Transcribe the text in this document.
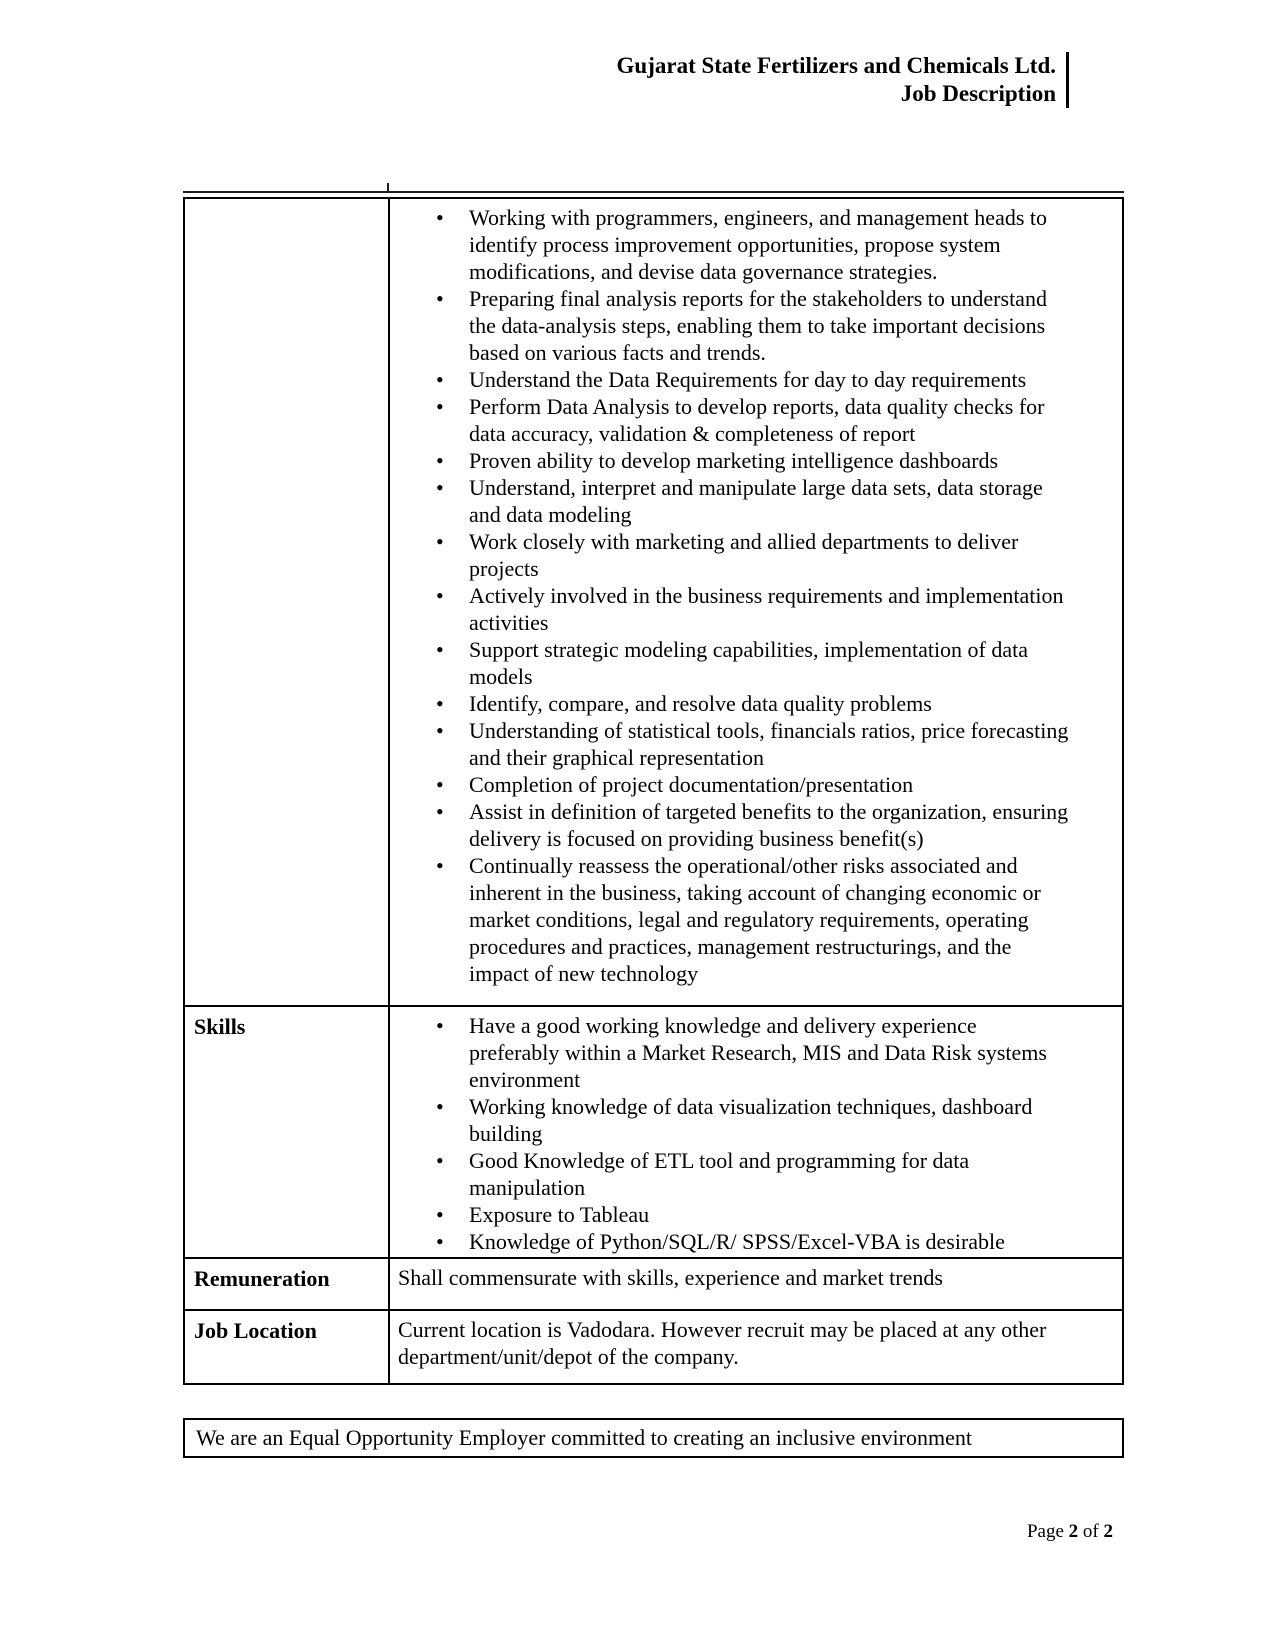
Gujarat State Fertilizers and Chemicals Ltd.
Job Description
• Working with programmers, engineers, and management heads to
identify process improvement opportunities, propose system
modifications, and devise data governance strategies.
• Preparing final analysis reports for the stakeholders to understand
the data-analysis steps, enabling them to take important decisions
based on various facts and trends.
• Understand the Data Requirements for day to day requirements
• Perform Data Analysis to develop reports, data quality checks for
data accuracy, validation & completeness of report
• Proven ability to develop marketing intelligence dashboards
• Understand, interpret and manipulate large data sets, data storage
and data modeling
• Work closely with marketing and allied departments to deliver
projects
• Actively involved in the business requirements and implementation
activities
• Support strategic modeling capabilities, implementation of data
models
• Identify, compare, and resolve data quality problems
• Understanding of statistical tools, financials ratios, price forecasting
and their graphical representation
• Completion of project documentation/presentation
• Assist in definition of targeted benefits to the organization, ensuring
delivery is focused on providing business benefit(s)
• Continually reassess the operational/other risks associated and
inherent in the business, taking account of changing economic or
market conditions, legal and regulatory requirements, operating
procedures and practices, management restructurings, and the
impact of new technology
Skills	• Have a good working knowledge and delivery experience
preferably within a Market Research, MIS and Data Risk systems
environment
• Working knowledge of data visualization techniques, dashboard
building
• Good Knowledge of ETL tool and programming for data
manipulation
• Exposure to Tableau
• Knowledge of Python/SQL/R/ SPSS/Excel-VBA is desirable
Remuneration	Shall commensurate with skills, experience and market trends
Job Location	Current location is Vadodara. However recruit may be placed at any other
department/unit/depot of the company.
We are an Equal Opportunity Employer committed to creating an inclusive environment
Page 2 of 2
